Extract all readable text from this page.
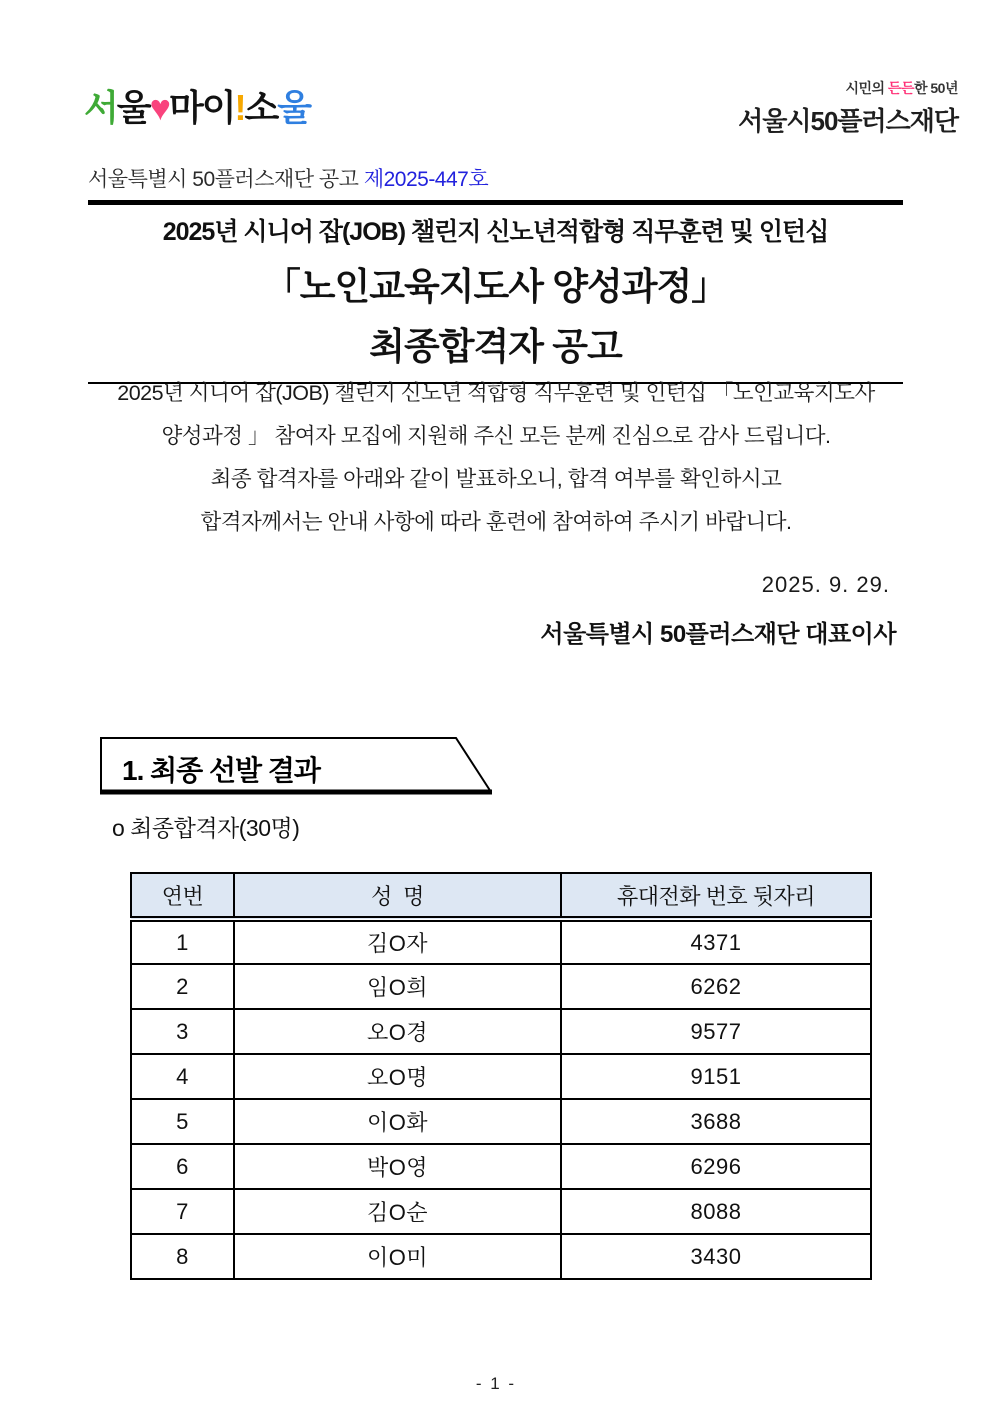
서울♥마이!소울	시민의 든든한 50년
서울시50플러스재단
서울특별시 50플러스재단 공고 제2025-447호
2025년 시니어 잡(JOB) 챌린지 신노년적합형 직무훈련 및 인턴십
「노인교육지도사 양성과정」
최종합격자 공고
2025년 시니어 잡(JOB) 챌린지 신노년 적합형 직무훈련 및 인턴십 「노인교육지도사
양성과정 」 참여자 모집에 지원해 주신 모든 분께 진심으로 감사 드립니다.
최종 합격자를 아래와 같이 발표하오니, 합격 여부를 확인하시고
합격자께서는 안내 사항에 따라 훈련에 참여하여 주시기 바랍니다.
2025. 9. 29.
서울특별시 50플러스재단 대표이사
1. 최종 선발 결과
o 최종합격자(30명)
연번	성  명	휴대전화 번호 뒷자리
1	김O자	4371
2	임O희	6262
3	오O경	9577
4	오O명	9151
5	이O화	3688
6	박O영	6296
7	김O순	8088
8	이O미	3430
- 1 -
